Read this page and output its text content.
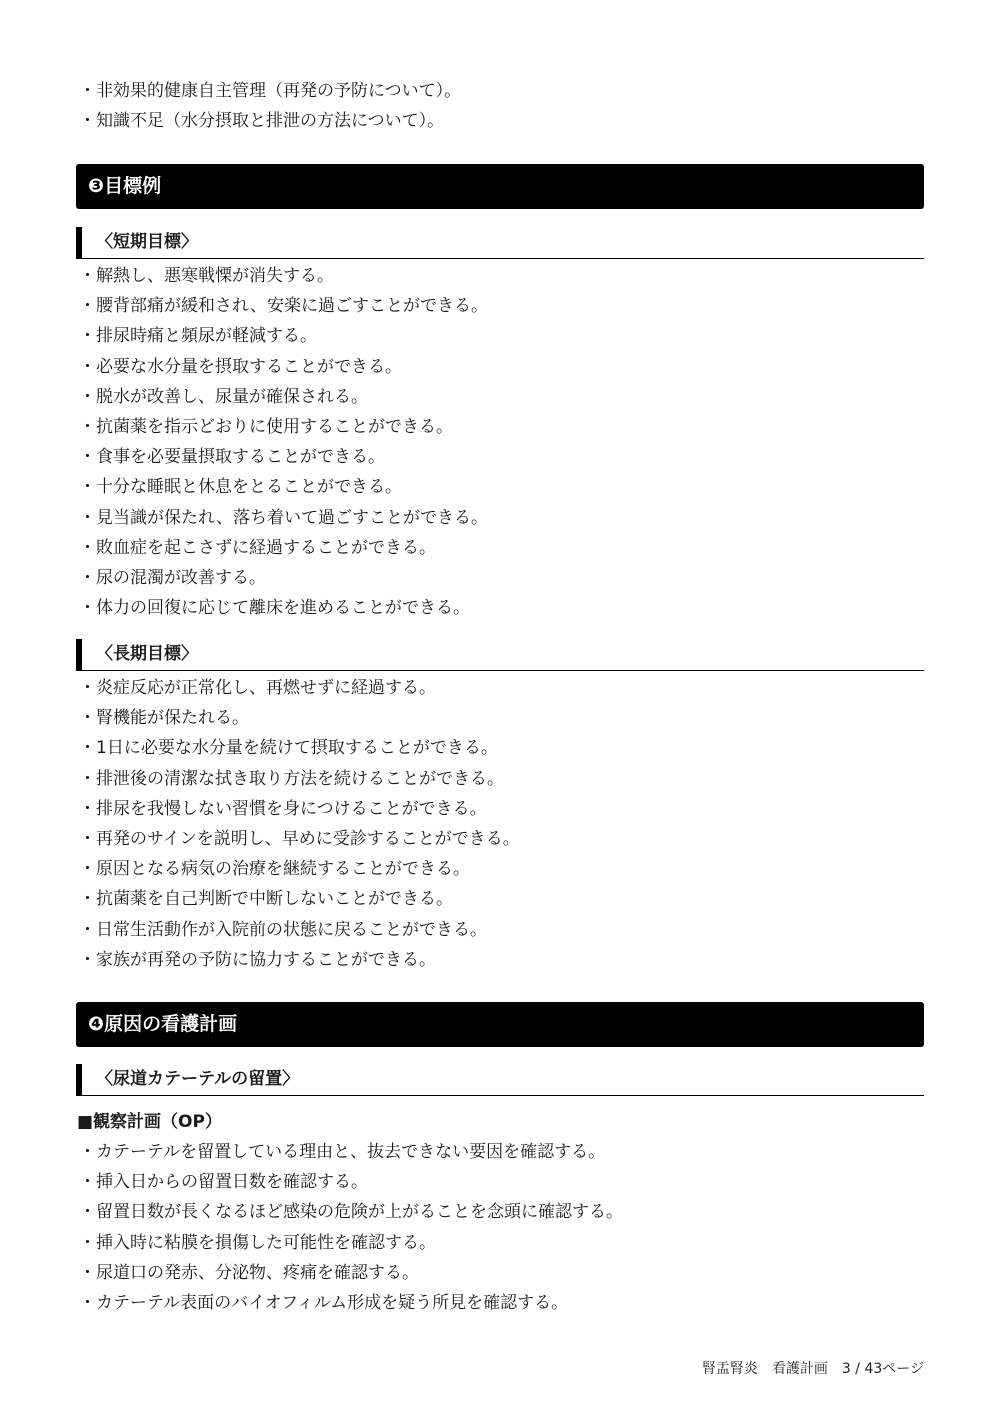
・ 非効果的健康自主管理（再発の予防について）。
・ 知識不足（水分摂取と排泄の方法について）。
❸目標例
〈短期目標〉
・ 解熱し、悪寒戦慄が消失する。
・ 腰背部痛が緩和され、安楽に過ごすことができる。
・ 排尿時痛と頻尿が軽減する。
・ 必要な水分量を摂取することができる。
・ 脱水が改善し、尿量が確保される。
・ 抗菌薬を指示どおりに使用することができる。
・ 食事を必要量摂取することができる。
・ 十分な睡眠と休息をとることができる。
・ 見当識が保たれ、落ち着いて過ごすことができる。
・ 敗血症を起こさずに経過することができる。
・ 尿の混濁が改善する。
・ 体力の回復に応じて離床を進めることができる。
〈長期目標〉
・ 炎症反応が正常化し、再燃せずに経過する。
・ 腎機能が保たれる。
・ 1日に必要な水分量を続けて摂取することができる。
・ 排泄後の清潔な拭き取り方法を続けることができる。
・ 排尿を我慢しない習慣を身につけることができる。
・ 再発のサインを説明し、早めに受診することができる。
・ 原因となる病気の治療を継続することができる。
・ 抗菌薬を自己判断で中断しないことができる。
・ 日常生活動作が入院前の状態に戻ることができる。
・ 家族が再発の予防に協力することができる。
❹原因の看護計画
〈尿道カテーテルの留置〉
■観察計画（OP）
・ カテーテルを留置している理由と、抜去できない要因を確認する。
・ 挿入日からの留置日数を確認する。
・ 留置日数が長くなるほど感染の危険が上がることを念頭に確認する。
・ 挿入時に粘膜を損傷した可能性を確認する。
・ 尿道口の発赤、分泌物、疼痛を確認する。
・ カテーテル表面のバイオフィルム形成を疑う所見を確認する。
腎盂腎炎　看護計画　3 / 43ページ
